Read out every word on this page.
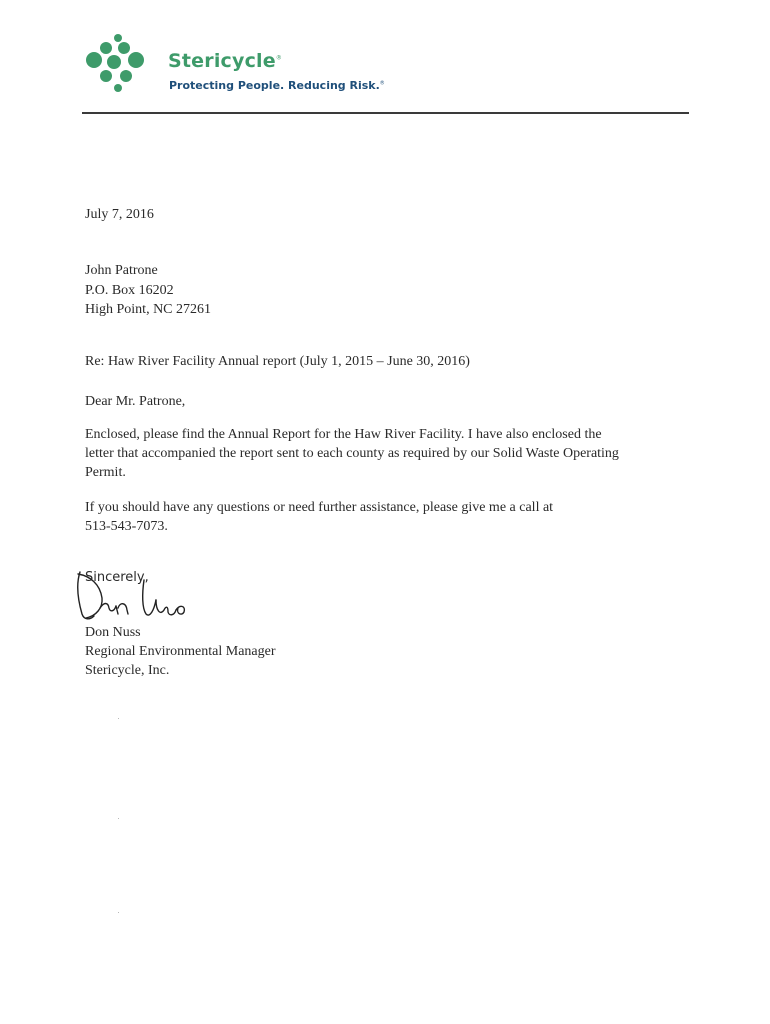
Stericycle®
Protecting People. Reducing Risk.®

July 7, 2016

John Patrone

P.O. Box 16202

High Point, NC 27261

Re: Haw River Facility Annual report (July 1, 2015 – June 30, 2016)

Dear Mr. Patrone,

Enclosed, please find the Annual Report for the Haw River Facility. I have also enclosed the

letter that accompanied the report sent to each county as required by our Solid Waste Operating

Permit.

If you should have any questions or need further assistance, please give me a call at

513-543-7073.

Sincerely,

Don Nuss

Regional Environmental Manager

Stericycle, Inc.
